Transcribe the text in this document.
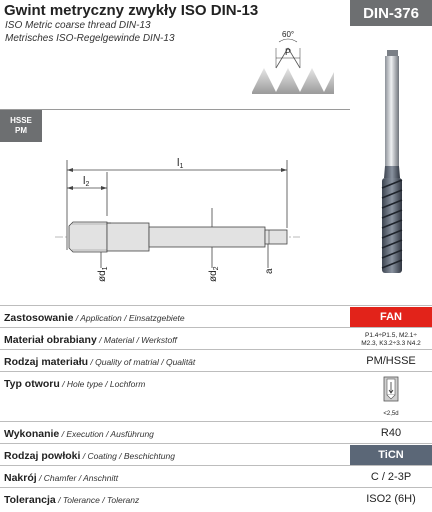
Gwint metryczny zwykły ISO DIN-13
ISO Metric coarse thread DIN-13
Metrisches ISO-Regelgewinde DIN-13
DIN-376
60°
P
HSSE
PM
l1
l2
$ød_1$
$ød_2$
a
Zastosowanie / Application / Einsatzgebiete	FAN
Materiał obrabiany / Material / Werkstoff	P1.4÷P1.5, M2.1÷
M2.3, K3.2÷3.3 N4.2
Rodzaj materiału / Quality of matrial / Qualität	PM/HSSE
Typ otworu / Hole type / Lochform
<2,5d
Wykonanie / Execution / Ausführung	R40
Rodzaj powłoki / Coating / Beschichtung	TiCN
Nakrój / Chamfer / Anschnitt	C / 2-3P
Tolerancja / Tolerance / Toleranz	ISO2 (6H)
